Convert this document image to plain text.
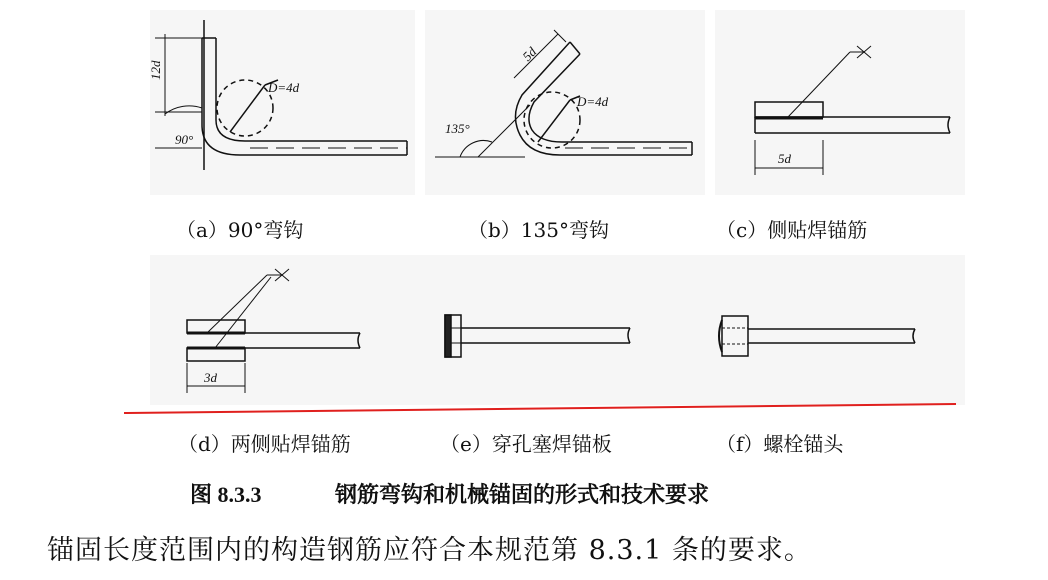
12d
D=4d
90°
5d
D=4d
135°
5d
3d
（a）90°弯钩	（b）135°弯钩	（c）侧贴焊锚筋
（d）两侧贴焊锚筋	（e）穿孔塞焊锚板	（f）螺栓锚头
图 8.3.3	钢筋弯钩和机械锚固的形式和技术要求
锚固长度范围内的构造钢筋应符合本规范第 8.3.1 条的要求。
